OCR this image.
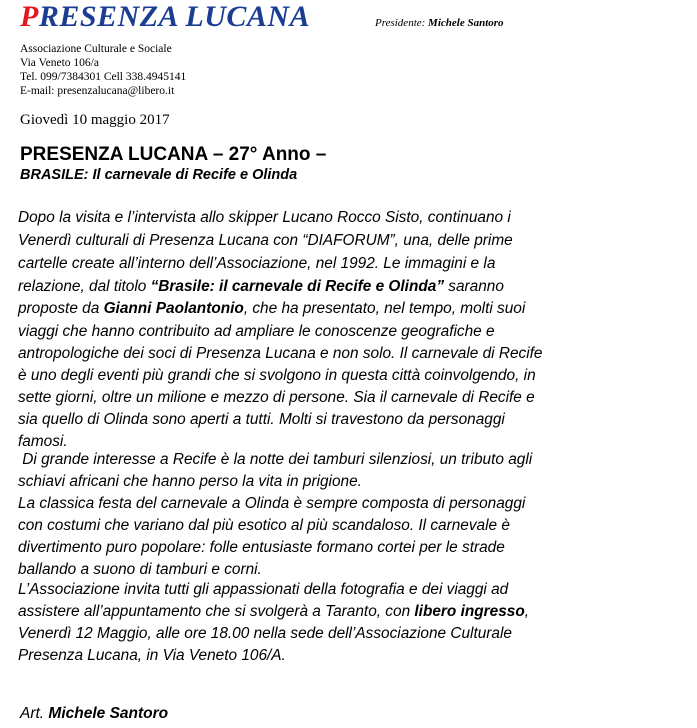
PRESENZA LUCANA	Presidente: Michele Santoro
Associazione Culturale e Sociale
Via Veneto 106/a
Tel. 099/7384301 Cell 338.4945141
E-mail: presenzalucana@libero.it
Giovedì 10 maggio 2017
PRESENZA LUCANA – 27° Anno –
BRASILE: Il carnevale di Recife e Olinda
Dopo la visita e l’intervista allo skipper Lucano Rocco Sisto, continuano i
Venerdì culturali di Presenza Lucana con “DIAFORUM”, una, delle prime
cartelle create all’interno dell’Associazione, nel 1992. Le immagini e la
relazione, dal titolo “Brasile: il carnevale di Recife e Olinda” saranno
proposte da Gianni Paolantonio, che ha presentato, nel tempo, molti suoi
viaggi che hanno contribuito ad ampliare le conoscenze geografiche e
antropologiche dei soci di Presenza Lucana e non solo. Il carnevale di Recife
è uno degli eventi più grandi che si svolgono in questa città coinvolgendo, in
sette giorni, oltre un milione e mezzo di persone. Sia il carnevale di Recife e
sia quello di Olinda sono aperti a tutti. Molti si travestono da personaggi
famosi.
Di grande interesse a Recife è la notte dei tamburi silenziosi, un tributo agli
schiavi africani che hanno perso la vita in prigione.
La classica festa del carnevale a Olinda è sempre composta di personaggi
con costumi che variano dal più esotico al più scandaloso. Il carnevale è
divertimento puro popolare: folle entusiaste formano cortei per le strade
ballando a suono di tamburi e corni.
L’Associazione invita tutti gli appassionati della fotografia e dei viaggi ad
assistere all’appuntamento che si svolgerà a Taranto, con libero ingresso,
Venerdì 12 Maggio, alle ore 18.00 nella sede dell’Associazione Culturale
Presenza Lucana, in Via Veneto 106/A.
Art. Michele Santoro
